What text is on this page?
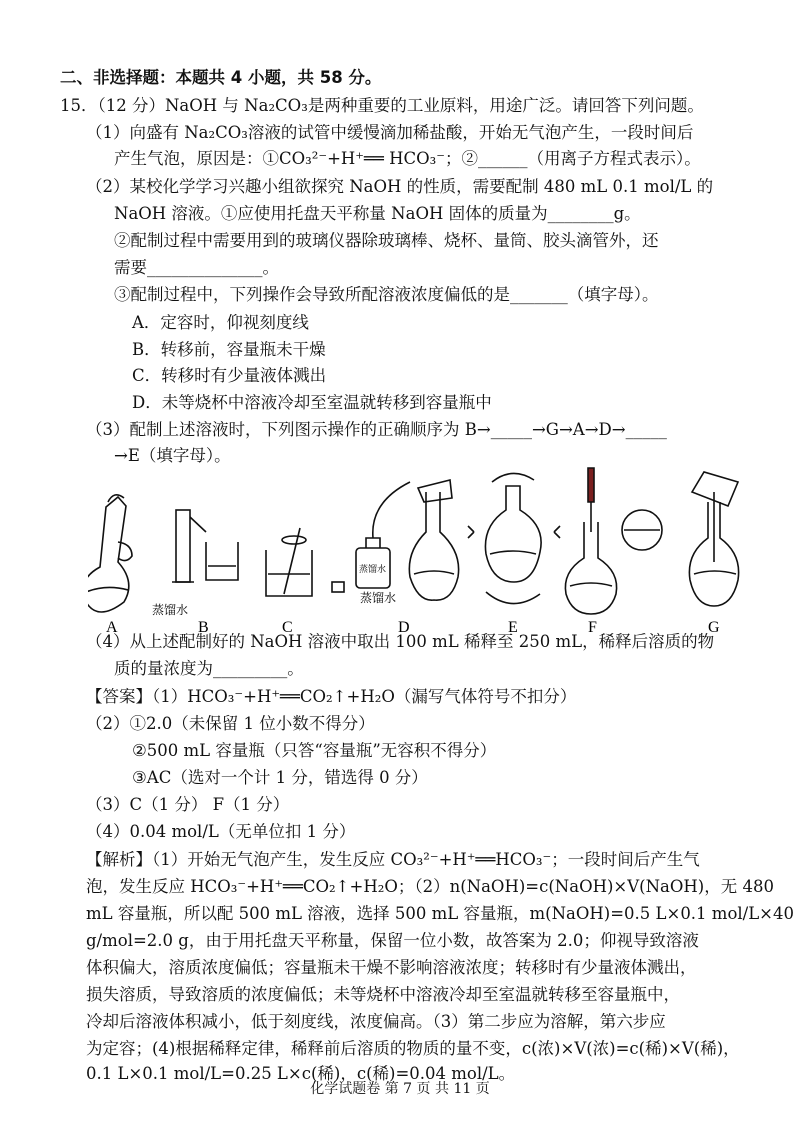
二、非选择题：本题共 4 小题，共 58 分。
15．（12 分）NaOH 与 Na₂CO₃是两种重要的工业原料，用途广泛。请回答下列问题。
（1）向盛有 Na₂CO₃溶液的试管中缓慢滴加稀盐酸，开始无气泡产生，一段时间后
产生气泡，原因是：①CO₃²⁻+H⁺══ HCO₃⁻；②______（用离子方程式表示）。
（2）某校化学学习兴趣小组欲探究 NaOH 的性质，需要配制 480 mL 0.1 mol/L 的
NaOH 溶液。①应使用托盘天平称量 NaOH 固体的质量为________g。
②配制过程中需要用到的玻璃仪器除玻璃棒、烧杯、量筒、胶头滴管外，还
需要______________。
③配制过程中，下列操作会导致所配溶液浓度偏低的是_______（填字母）。
A．定容时，仰视刻度线
B．转移前，容量瓶未干燥
C．转移时有少量液体溅出
D．未等烧杯中溶液冷却至室温就转移到容量瓶中
（3）配制上述溶液时，下列图示操作的正确顺序为 B→_____→G→A→D→_____
→E（填字母）。
A	B	C	D	E	F	G
蒸馏水
蒸馏水
蒸馏水
（4）从上述配制好的 NaOH 溶液中取出 100 mL 稀释至 250 mL，稀释后溶质的物
质的量浓度为_________。
【答案】（1）HCO₃⁻+H⁺══CO₂↑+H₂O（漏写气体符号不扣分）
（2）①2.0（未保留 1 位小数不得分）
②500 mL 容量瓶（只答“容量瓶”无容积不得分）
③AC（选对一个计 1 分，错选得 0 分）
（3）C（1 分） F（1 分）
（4）0.04 mol/L（无单位扣 1 分）
【解析】（1）开始无气泡产生，发生反应 CO₃²⁻+H⁺══HCO₃⁻；一段时间后产生气
泡，发生反应 HCO₃⁻+H⁺══CO₂↑+H₂O；（2）n(NaOH)=c(NaOH)×V(NaOH)，无 480
mL 容量瓶，所以配 500 mL 溶液，选择 500 mL 容量瓶，m(NaOH)=0.5 L×0.1 mol/L×40
g/mol=2.0 g，由于用托盘天平称量，保留一位小数，故答案为 2.0；仰视导致溶液
体积偏大，溶质浓度偏低；容量瓶未干燥不影响溶液浓度；转移时有少量液体溅出，
损失溶质，导致溶质的浓度偏低；未等烧杯中溶液冷却至室温就转移至容量瓶中，
冷却后溶液体积减小，低于刻度线，浓度偏高。（3）第二步应为溶解，第六步应
为定容；(4)根据稀释定律，稀释前后溶质的物质的量不变，c(浓)×V(浓)=c(稀)×V(稀)，
0.1 L×0.1 mol/L=0.25 L×c(稀)，c(稀)=0.04 mol/L。
化学试题卷 第 7 页 共 11 页
